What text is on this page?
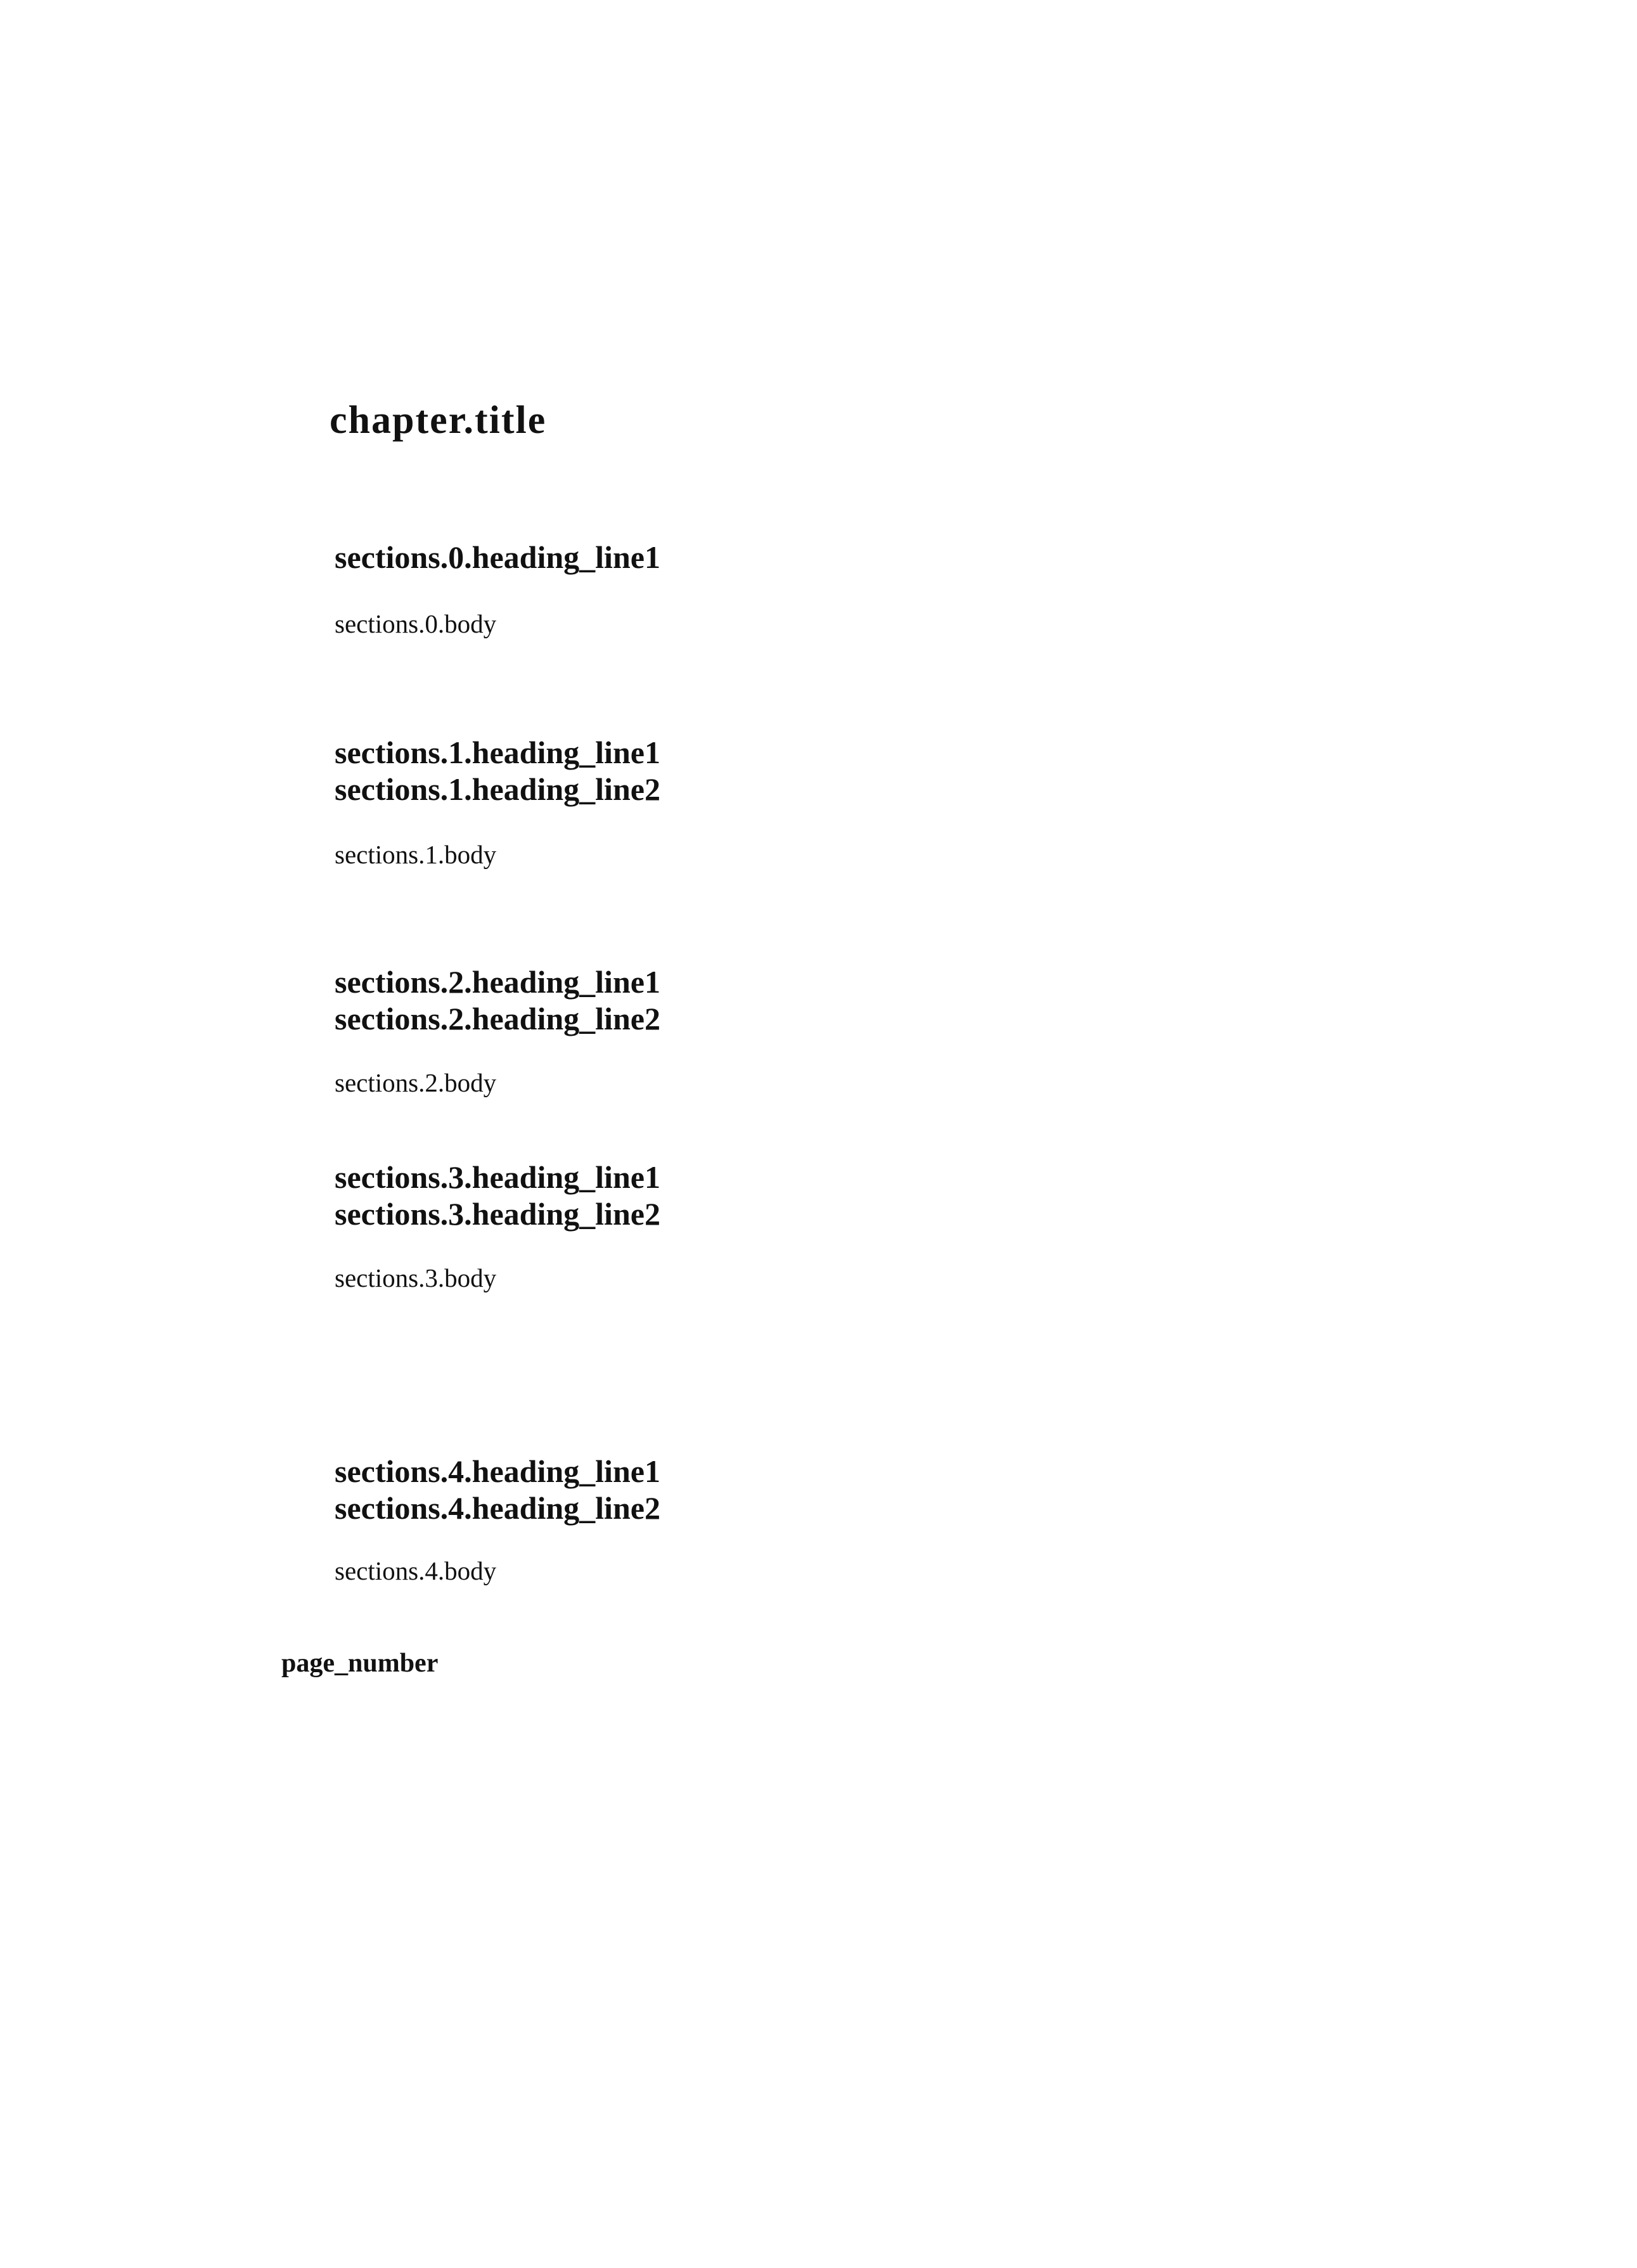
chapter.title
sections.0.heading_line1

sections.0.body

sections.1.heading_line1
sections.1.heading_line2

sections.1.body

sections.2.heading_line1
sections.2.heading_line2

sections.2.body

sections.3.heading_line1
sections.3.heading_line2

sections.3.body

sections.4.heading_line1
sections.4.heading_line2

sections.4.body

page_number
